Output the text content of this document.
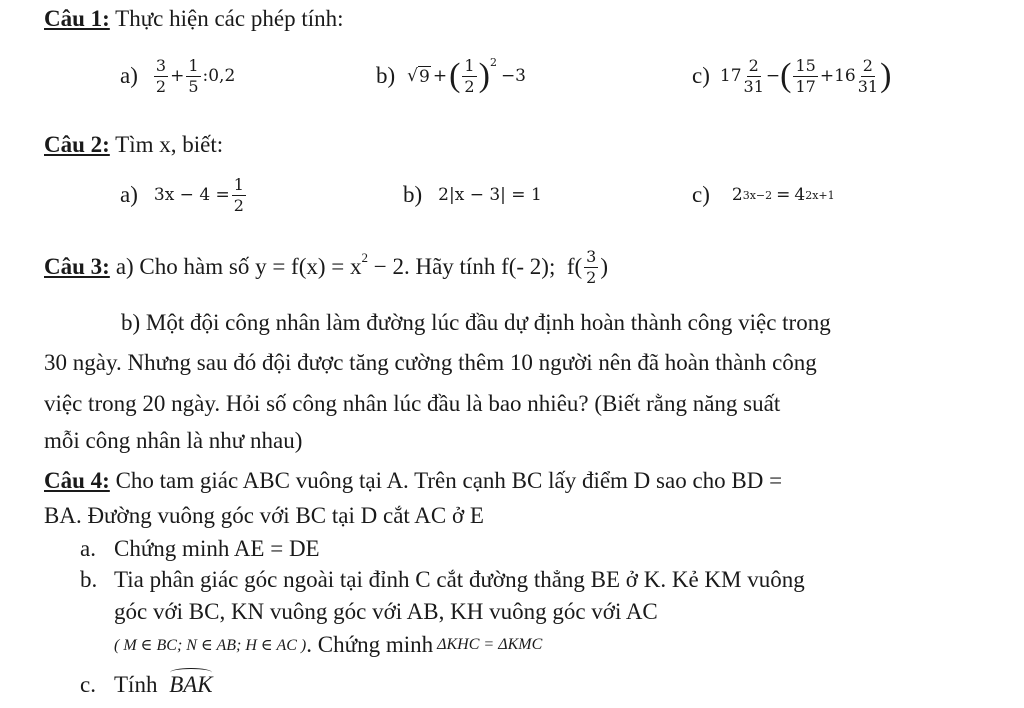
Câu 1: Thực hiện các phép tính:
$a) \frac{3}{2} + \frac{1}{5}$ :0,2	b) √ 9 + ( $\frac{1}{2}$ ) 2
−3	c) $17 \frac{2}{31}$ − ( $\frac{15}{17} + 16 \frac{2}{31}$ )
Câu 2: Tìm x, biết:
a) $3x - 4 = \frac{1}{2}$	b) 2|x − 3| = 1	c) 2 3x−2 = 4 2x+1
Câu 3: a) Cho hàm số y = f(x) = x 2 − 2. Hãy tính f(- 2);  $f( \frac{3}{2}$ )
b) Một đội công nhân làm đường lúc đầu dự định hoàn thành công việc trong
30 ngày. Nhưng sau đó đội được tăng cường thêm 10 người nên đã hoàn thành công
việc trong 20 ngày. Hỏi số công nhân lúc đầu là bao nhiêu? (Biết rằng năng suất
mỗi công nhân là như nhau)
Câu 4: Cho tam giác ABC vuông tại A. Trên cạnh BC lấy điểm D sao cho BD =
BA. Đường vuông góc với BC tại D cắt AC ở E
a. Chứng minh AE = DE
b. Tia phân giác góc ngoài tại đỉnh C cắt đường thẳng BE ở K. Kẻ KM vuông
góc với BC, KN vuông góc với AB, KH vuông góc với AC
( M ∈ BC; N ∈ AB; H ∈ AC ) . Chứng minh ΔKHC = ΔKMC
c. Tính BAK
